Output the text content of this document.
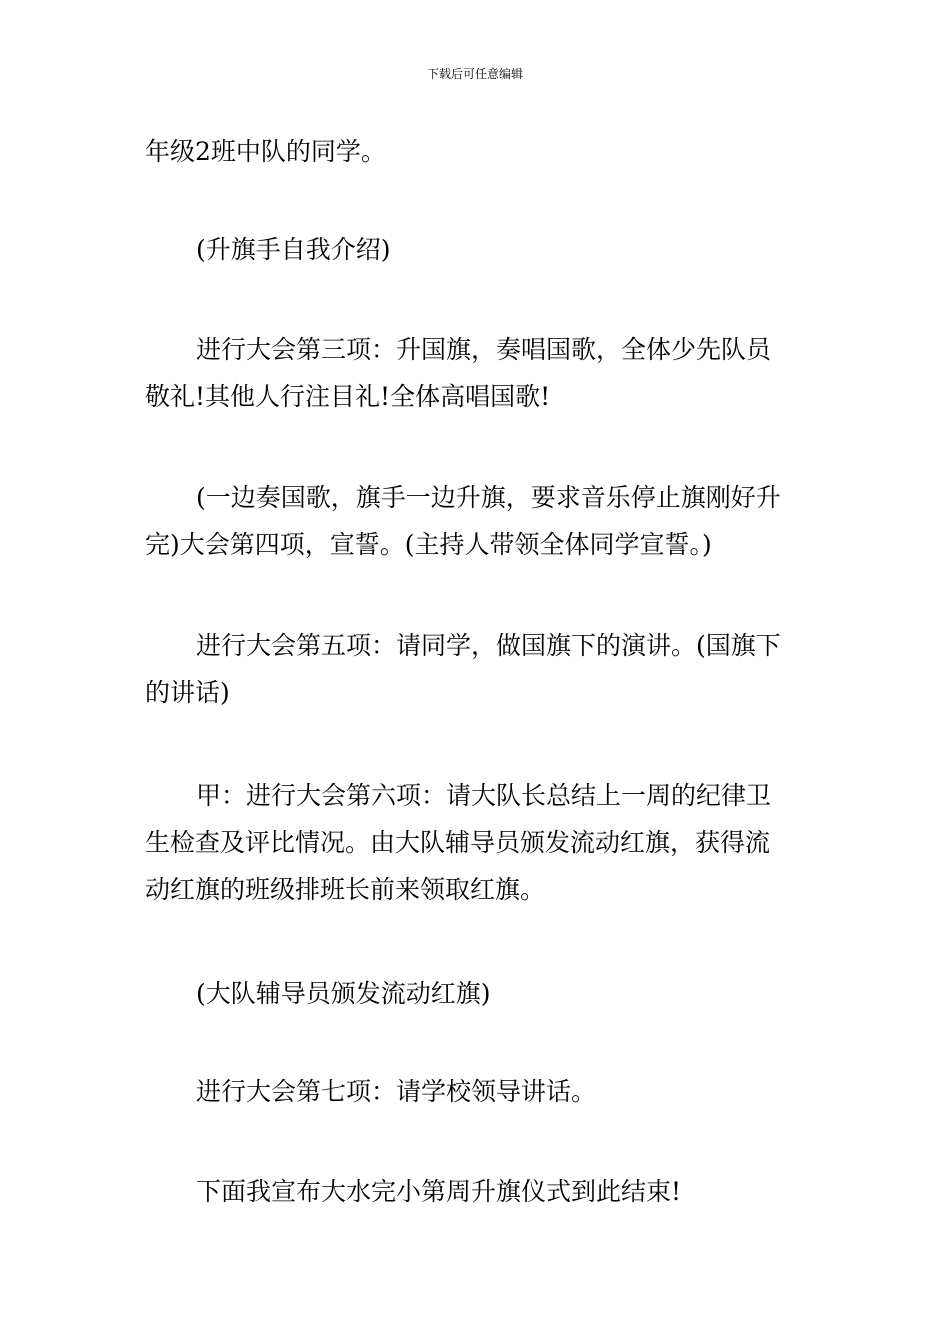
下载后可任意编辑

年级2班中队的同学。

(升旗手自我介绍)

进行大会第三项：升国旗，奏唱国歌，全体少先队员
敬礼!其他人行注目礼!全体高唱国歌!

(一边奏国歌，旗手一边升旗，要求音乐停止旗刚好升
完)大会第四项，宣誓。(主持人带领全体同学宣誓。)

进行大会第五项：请同学，做国旗下的演讲。(国旗下
的讲话)

甲：进行大会第六项：请大队长总结上一周的纪律卫
生检查及评比情况。由大队辅导员颁发流动红旗，获得流
动红旗的班级排班长前来领取红旗。

(大队辅导员颁发流动红旗)

进行大会第七项：请学校领导讲话。

下面我宣布大水完小第周升旗仪式到此结束!
